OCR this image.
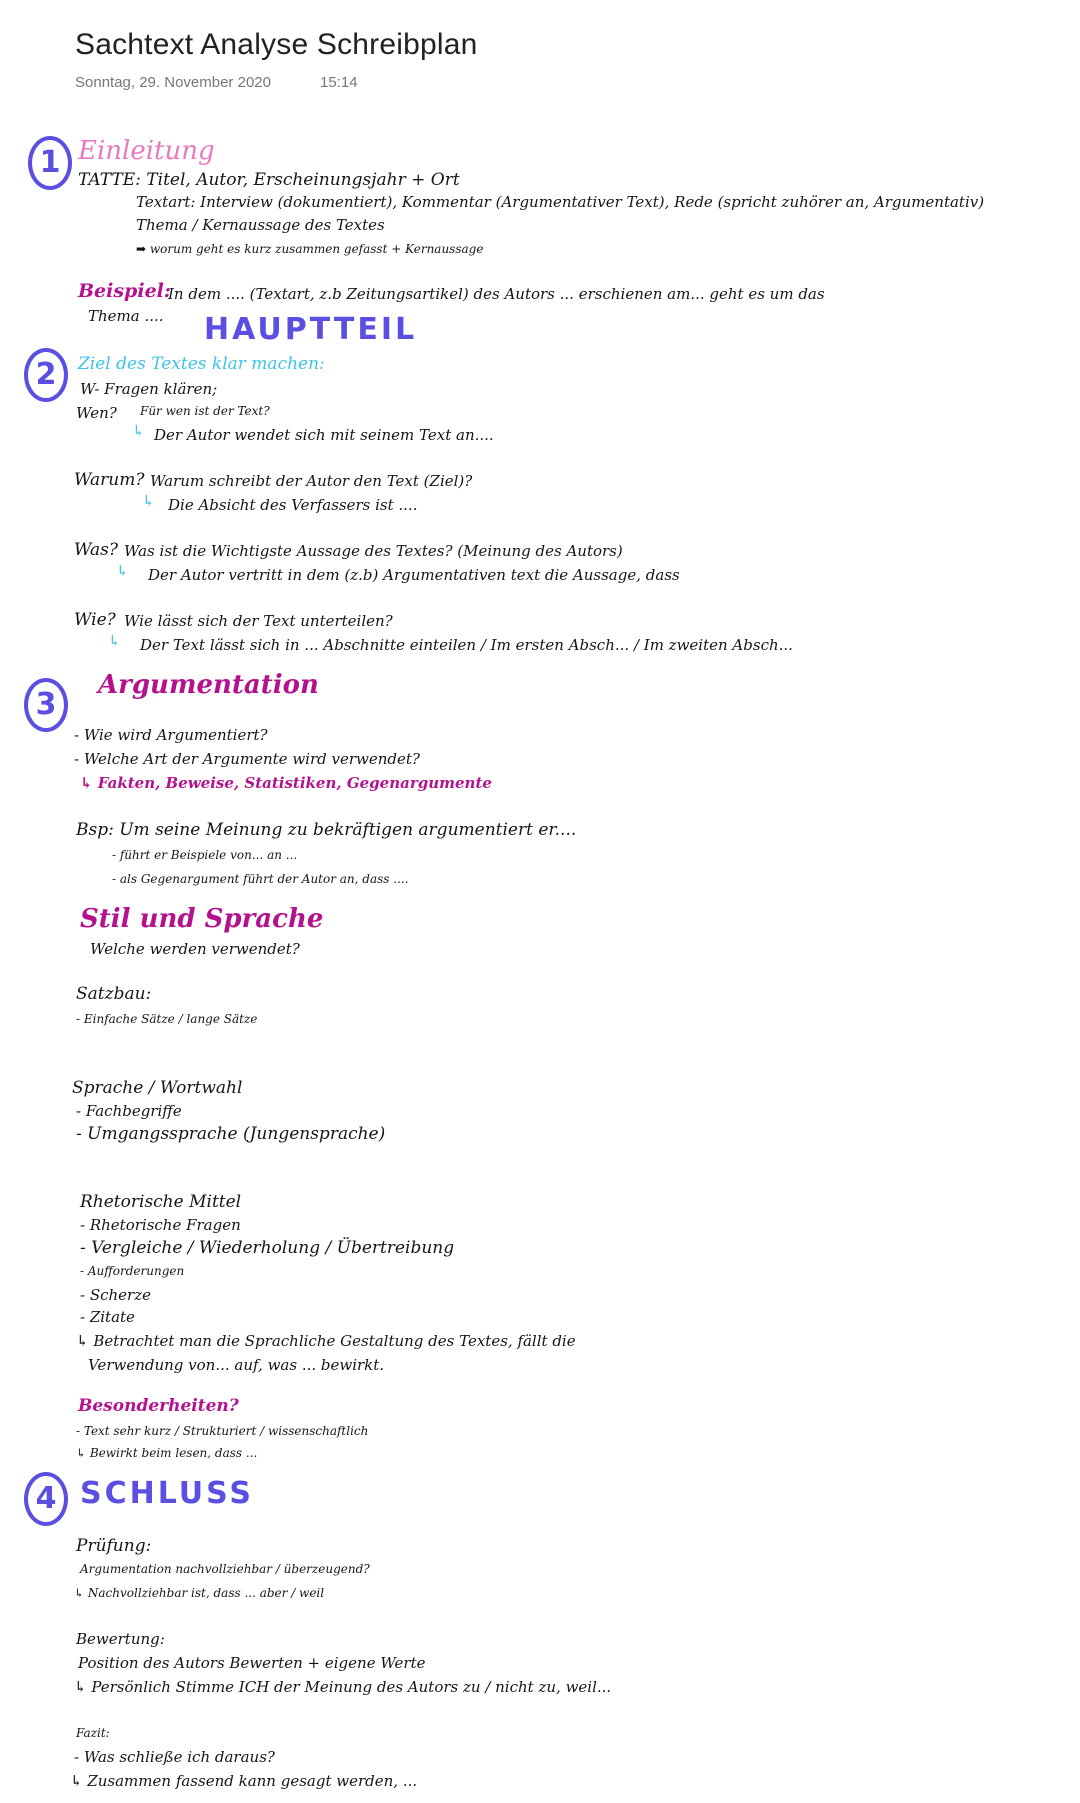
Sachtext Analyse Schreibplan
Sonntag, 29. November 2020	15:14
1 Einleitung
TATTE: Titel, Autor, Erscheinungsjahr + Ort
Textart: Interview (dokumentiert), Kommentar (Argumentativer Text), Rede (spricht zuhörer an, Argumentativ)
Thema / Kernaussage des Textes
➡ worum geht es kurz zusammen gefasst + Kernaussage
Beispiel:
In dem .... (Textart, z.b Zeitungsartikel) des Autors ... erschienen am... geht es um das
Thema .... HAUPTTEIL
2	Ziel des Textes klar machen:
W- Fragen klären;
Wen? Für wen ist der Text?
↳ Der Autor wendet sich mit seinem Text an....
Warum? Warum schreibt der Autor den Text (Ziel)?
↳ Die Absicht des Verfassers ist ....
Was? Was ist die Wichtigste Aussage des Textes? (Meinung des Autors)
↳ Der Autor vertritt in dem (z.b) Argumentativen text die Aussage, dass
Wie? Wie lässt sich der Text unterteilen?
↳ Der Text lässt sich in ... Abschnitte einteilen / Im ersten Absch... / Im zweiten Absch...
3
Argumentation
- Wie wird Argumentiert?
- Welche Art der Argumente wird verwendet?
↳ Fakten, Beweise, Statistiken, Gegenargumente
Bsp: Um seine Meinung zu bekräftigen argumentiert er....
- führt er Beispiele von... an ...
- als Gegenargument führt der Autor an, dass ....
Stil und Sprache
Welche werden verwendet?
Satzbau:
- Einfache Sätze / lange Sätze
Sprache / Wortwahl
- Fachbegriffe
- Umgangssprache (Jungensprache)
Rhetorische Mittel
- Rhetorische Fragen
- Vergleiche / Wiederholung / Übertreibung
- Aufforderungen
- Scherze
- Zitate
↳ Betrachtet man die Sprachliche Gestaltung des Textes, fällt die
Verwendung von... auf, was ... bewirkt.
Besonderheiten?
- Text sehr kurz / Strukturiert / wissenschaftlich
↳ Bewirkt beim lesen, dass ...
4 SCHLUSS
Prüfung:
Argumentation nachvollziehbar / überzeugend?
↳ Nachvollziehbar ist, dass ... aber / weil
Bewertung:
Position des Autors Bewerten + eigene Werte
↳ Persönlich Stimme ICH der Meinung des Autors zu / nicht zu, weil...
Fazit:
- Was schließe ich daraus?
↳ Zusammen fassend kann gesagt werden, ...
